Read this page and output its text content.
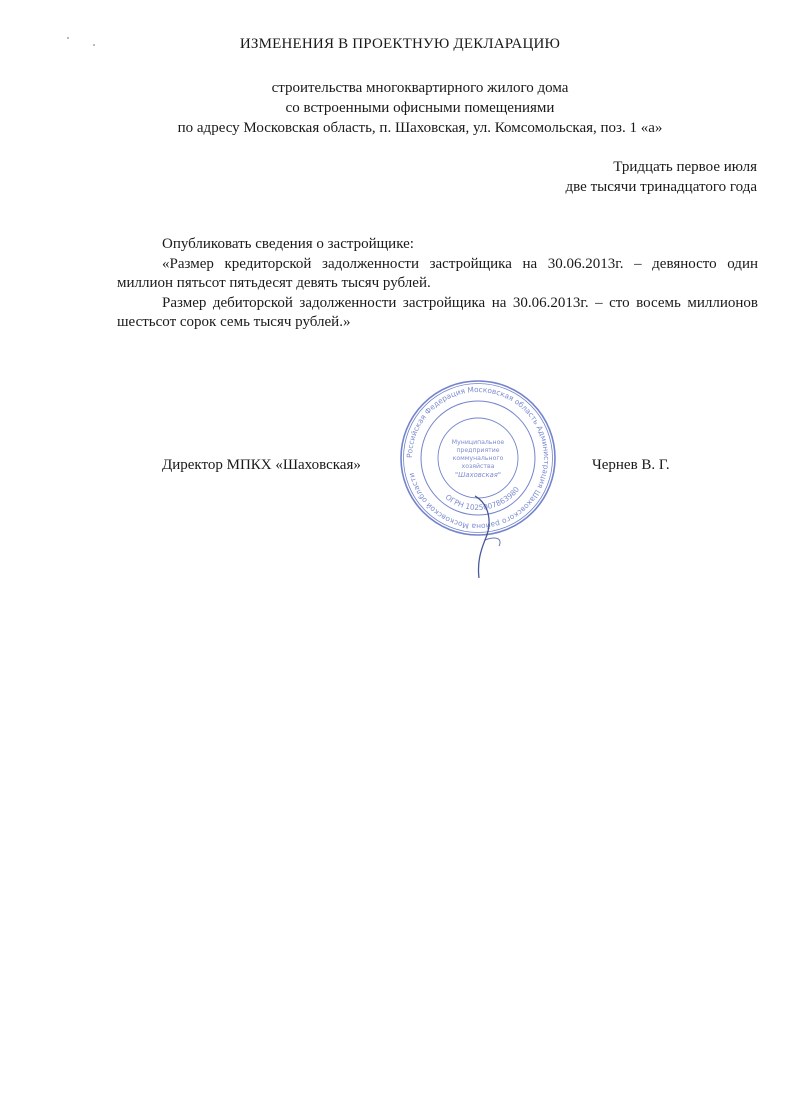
ИЗМЕНЕНИЯ В ПРОЕКТНУЮ ДЕКЛАРАЦИЮ
строительства многоквартирного жилого дома
со встроенными офисными помещениями
по адресу Московская область, п. Шаховская, ул. Комсомольская, поз. 1 «а»
Тридцать первое июля
две тысячи тринадцатого года

Опубликовать сведения о застройщике:

«Размер кредиторской задолженности застройщика на 30.06.2013г. – девяносто один миллион пятьсот пятьдесят девять тысяч рублей.

Размер дебиторской задолженности застройщика на 30.06.2013г. – сто восемь миллионов шестьсот сорок семь тысяч рублей.»

Директор МПКХ «Шаховская»	Чернев В. Г.
Российская Федерация Московская область Администрация Шаховского района Московской области
ОГРН 1025007863980
Муниципальное
предприятие
коммунального
хозяйства
"Шаховская"
